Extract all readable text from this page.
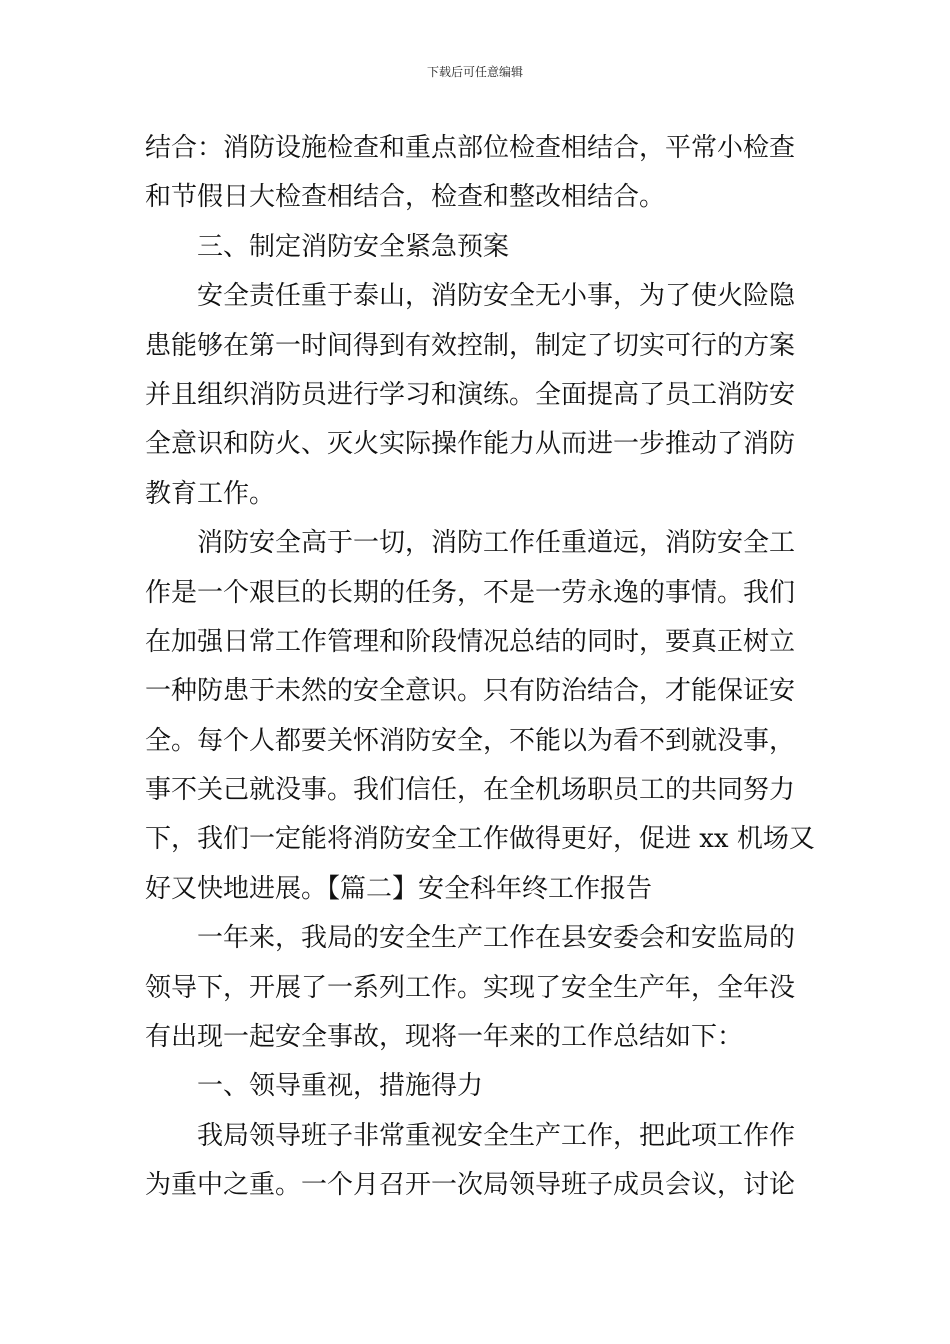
下载后可任意编辑
结合：消防设施检查和重点部位检查相结合，平常小检查
和节假日大检查相结合，检查和整改相结合。
三、制定消防安全紧急预案
安全责任重于泰山，消防安全无小事，为了使火险隐
患能够在第一时间得到有效控制，制定了切实可行的方案
并且组织消防员进行学习和演练。全面提高了员工消防安
全意识和防火、灭火实际操作能力从而进一步推动了消防
教育工作。
消防安全高于一切，消防工作任重道远，消防安全工
作是一个艰巨的长期的任务，不是一劳永逸的事情。我们
在加强日常工作管理和阶段情况总结的同时，要真正树立
一种防患于未然的安全意识。只有防治结合，才能保证安
全。每个人都要关怀消防安全，不能以为看不到就没事，
事不关己就没事。我们信任，在全机场职员工的共同努力
下，我们一定能将消防安全工作做得更好，促进 xx 机场又
好又快地进展。【篇二】安全科年终工作报告
一年来，我局的安全生产工作在县安委会和安监局的
领导下，开展了一系列工作。实现了安全生产年，全年没
有出现一起安全事故，现将一年来的工作总结如下：
一、领导重视，措施得力
我局领导班子非常重视安全生产工作，把此项工作作
为重中之重。一个月召开一次局领导班子成员会议，讨论
